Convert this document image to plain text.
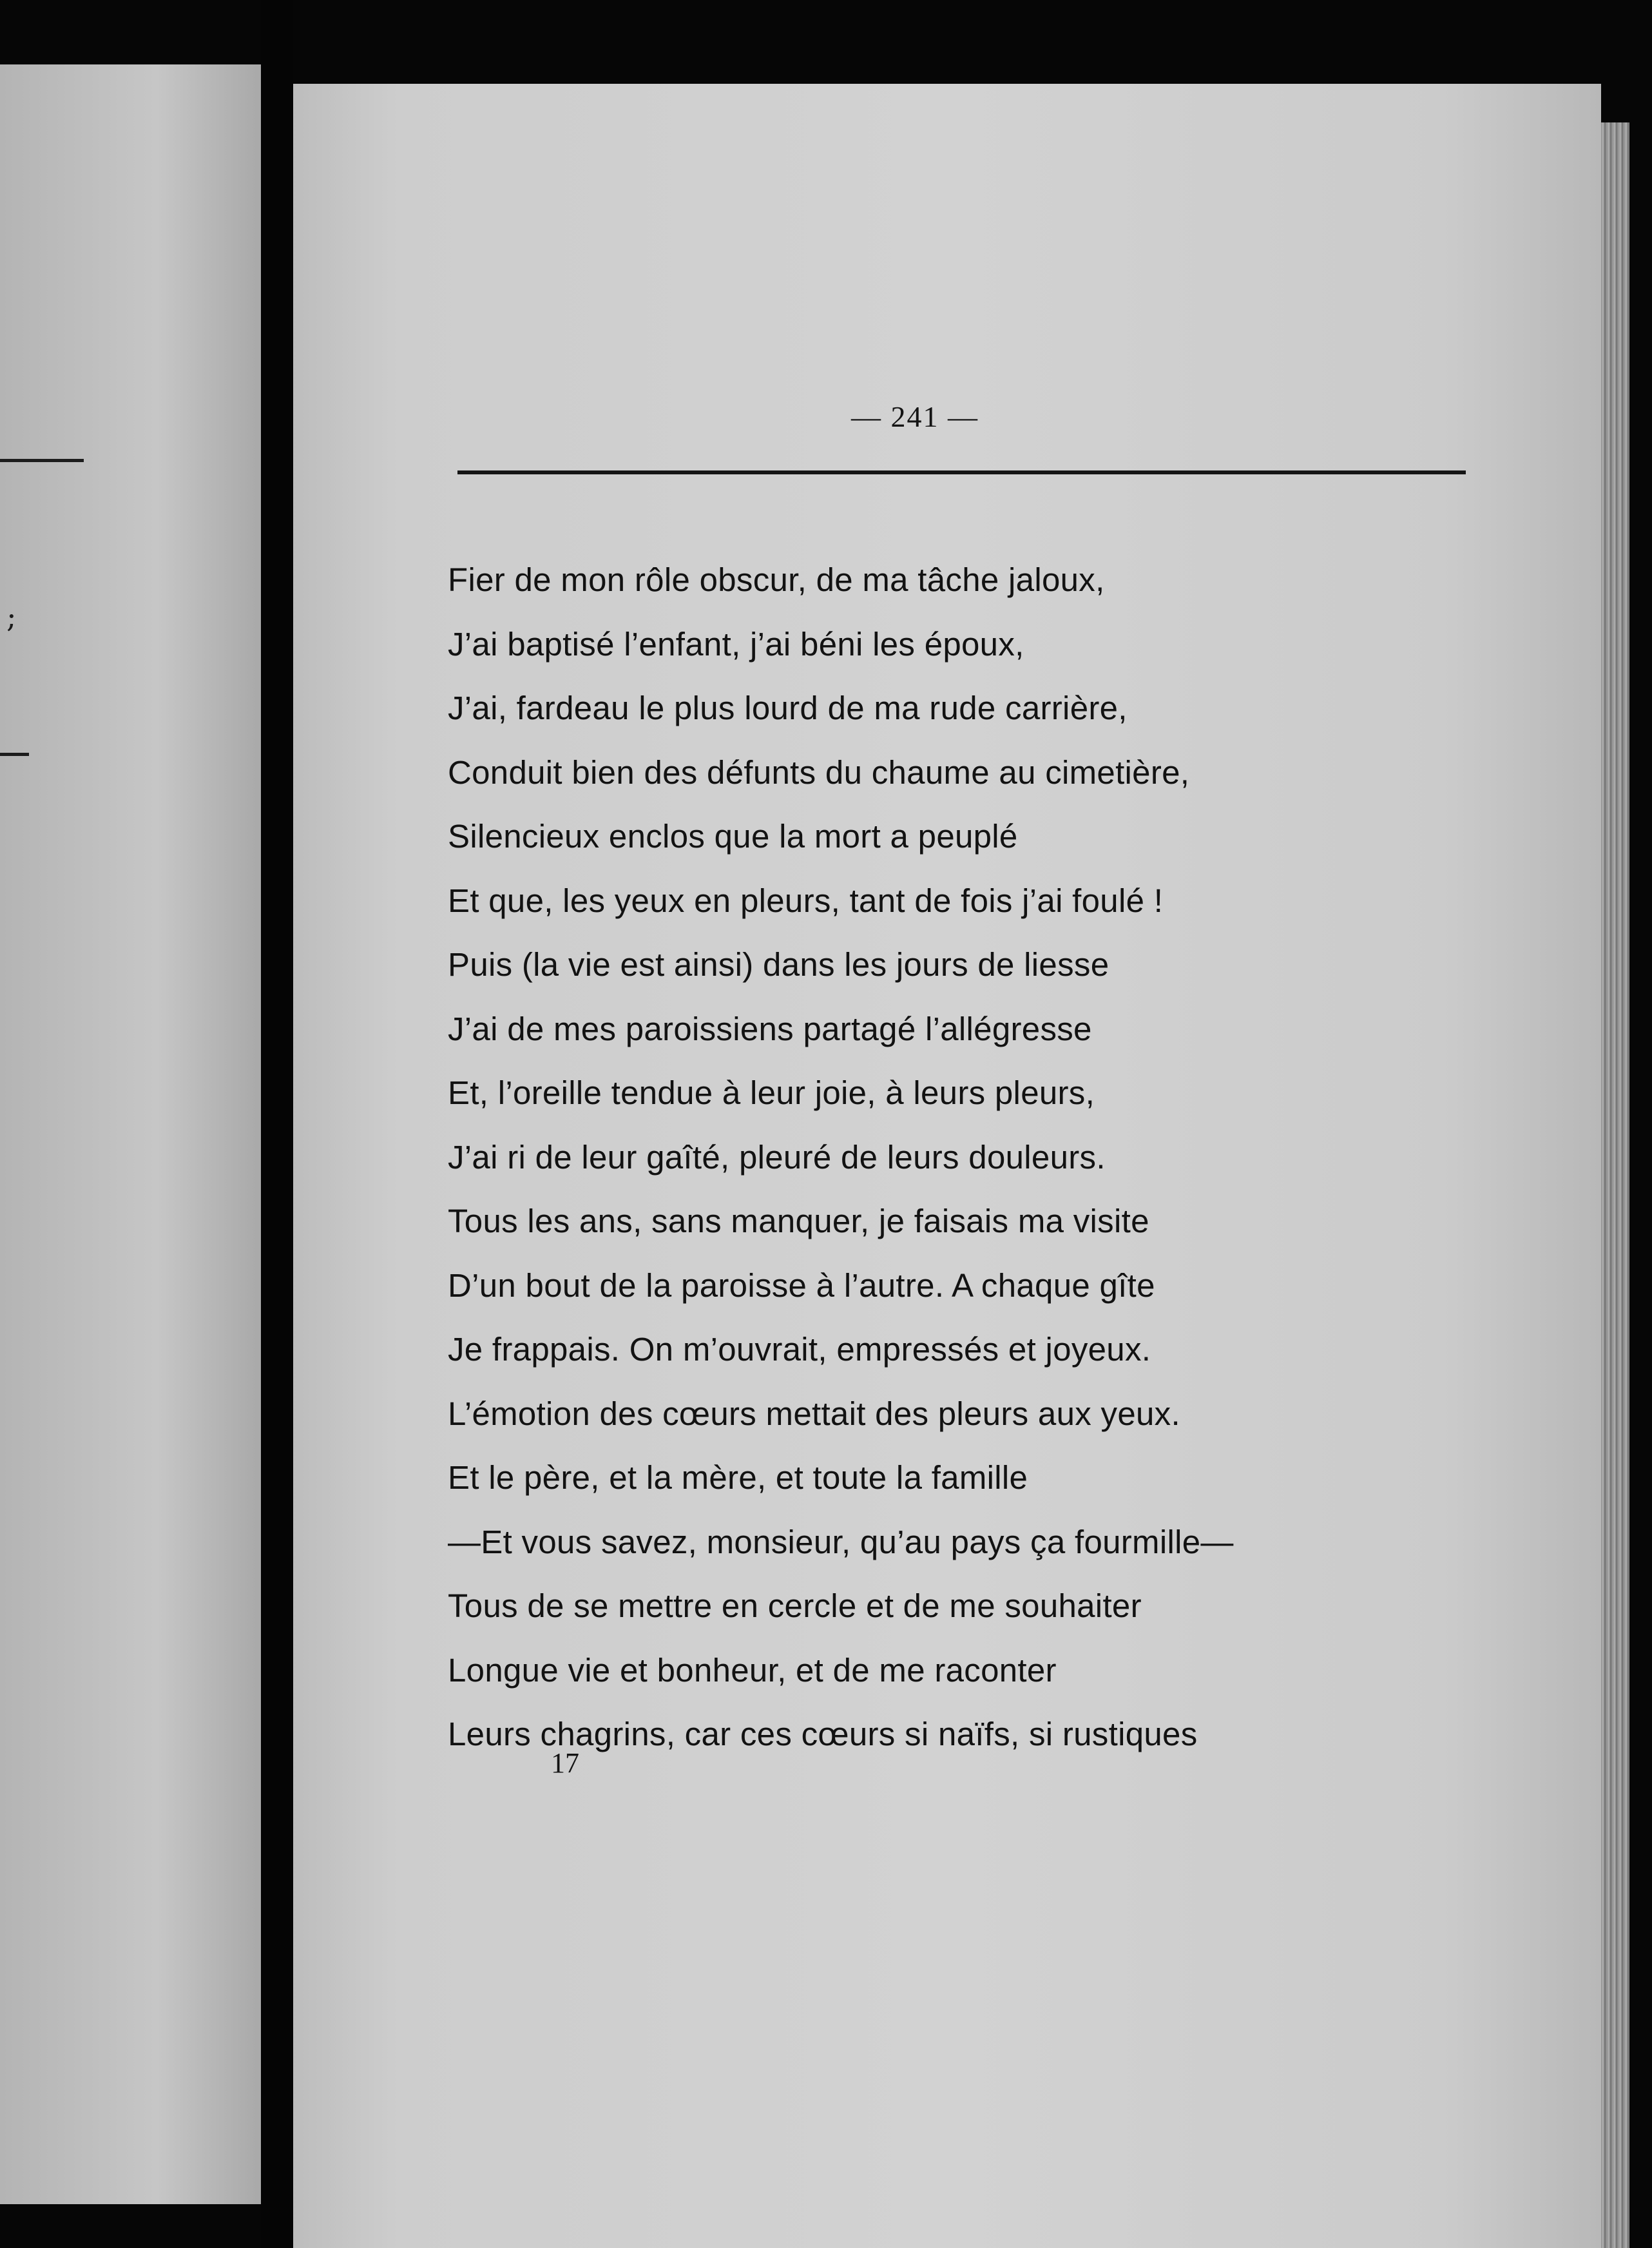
;
— 241 —
Fier de mon rôle obscur, de ma tâche jaloux,
J’ai baptisé l’enfant, j’ai béni les époux,
J’ai, fardeau le plus lourd de ma rude carrière,
Conduit bien des défunts du chaume au cimetière,
Silencieux enclos que la mort a peuplé
Et que, les yeux en pleurs, tant de fois j’ai foulé !
Puis (la vie est ainsi) dans les jours de liesse
J’ai de mes paroissiens partagé l’allégresse
Et, l’oreille tendue à leur joie, à leurs pleurs,
J’ai ri de leur gaîté, pleuré de leurs douleurs.
Tous les ans, sans manquer, je faisais ma visite
D’un bout de la paroisse à l’autre. A chaque gîte
Je frappais. On m’ouvrait, empressés et joyeux.
L’émotion des cœurs mettait des pleurs aux yeux.
Et le père, et la mère, et toute la famille
—Et vous savez, monsieur, qu’au pays ça fourmille—
Tous de se mettre en cercle et de me souhaiter
Longue vie et bonheur, et de me raconter
Leurs chagrins, car ces cœurs si naïfs, si rustiques
17
